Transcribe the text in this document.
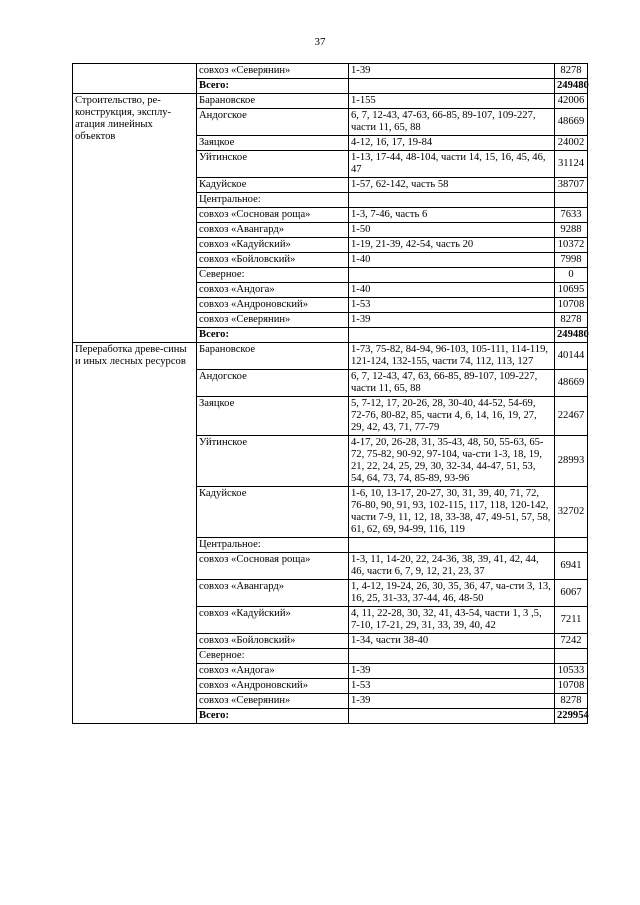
37
	совхоз «Северянин»	1-39	8278
	Всего:		249480
Строительство, ре-конструкция, эксплу-атация линейных объектов	Барановское	1-155	42006
	Андогское	6, 7, 12-43, 47-63, 66-85, 89-107, 109-227, части 11, 65, 88	48669
	Заяцкое	4-12, 16, 17, 19-84	24002
	Уйтинское	1-13, 17-44, 48-104, части 14, 15, 16, 45, 46, 47	31124
	Кадуйское	1-57, 62-142, часть 58	38707
	Центральное:		
	совхоз «Сосновая роща»	1-3, 7-46, часть 6	7633
	совхоз «Авангард»	1-50	9288
	совхоз «Кадуйский»	1-19, 21-39, 42-54, часть 20	10372
	совхоз «Бойловский»	1-40	7998
	Северное:		0
	совхоз «Андога»	1-40	10695
	совхоз «Андроновский»	1-53	10708
	совхоз «Северянин»	1-39	8278
	Всего:		249480
Переработка древе-сины и иных лесных ресурсов	Барановское	1-73, 75-82, 84-94, 96-103, 105-111, 114-119, 121-124, 132-155, части 74, 112, 113, 127	40144
	Андогское	6, 7, 12-43, 47, 63, 66-85, 89-107, 109-227, части 11, 65, 88	48669
	Заяцкое	5, 7-12, 17, 20-26, 28, 30-40, 44-52, 54-69, 72-76, 80-82, 85, части 4, 6, 14, 16, 19, 27, 29, 42, 43, 71, 77-79	22467
	Уйтинское	4-17, 20, 26-28, 31, 35-43, 48, 50, 55-63, 65-72, 75-82, 90-92, 97-104, ча-сти 1-3, 18, 19, 21, 22, 24, 25, 29, 30, 32-34, 44-47, 51, 53, 54, 64, 73, 74, 85-89, 93-96	28993
	Кадуйское	1-6, 10, 13-17, 20-27, 30, 31, 39, 40, 71, 72, 76-80, 90, 91, 93, 102-115, 117, 118, 120-142, части 7-9, 11, 12, 18, 33-38, 47, 49-51, 57, 58, 61, 62, 69, 94-99, 116, 119	32702
	Центральное:		
	совхоз «Сосновая роща»	1-3, 11, 14-20, 22, 24-36, 38, 39, 41, 42, 44, 46, части 6, 7, 9, 12, 21, 23, 37	6941
	совхоз «Авангард»	1, 4-12, 19-24, 26, 30, 35, 36, 47, ча-сти 3, 13, 16, 25, 31-33, 37-44, 46, 48-50	6067
	совхоз «Кадуйский»	4, 11, 22-28, 30, 32, 41, 43-54, части 1, 3 ,5, 7-10, 17-21, 29, 31, 33, 39, 40, 42	7211
	совхоз «Бойловский»	1-34, части 38-40	7242
	Северное:		
	совхоз «Андога»	1-39	10533
	совхоз «Андроновский»	1-53	10708
	совхоз «Северянин»	1-39	8278
	Всего:		229954
